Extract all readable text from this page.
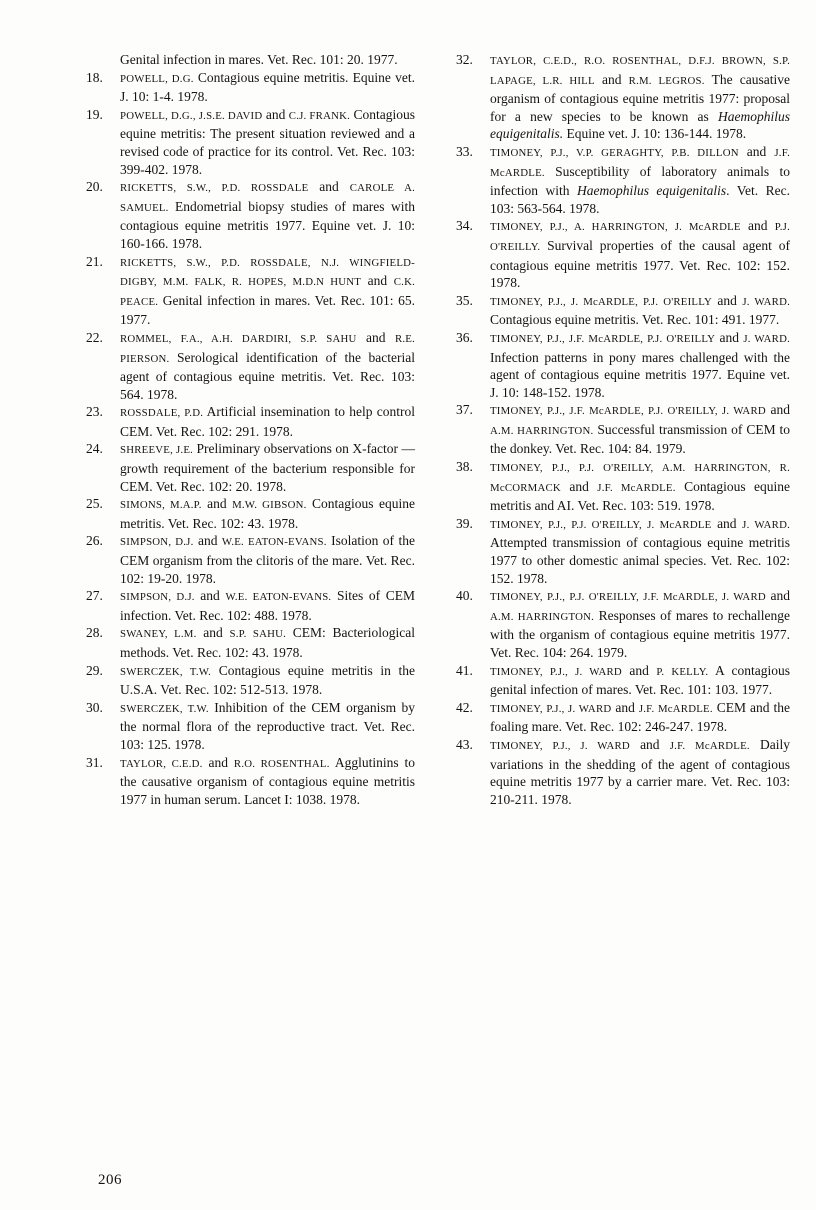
Genital infection in mares. Vet. Rec. 101: 20. 1977.
18. POWELL, D.G. Contagious equine metritis. Equine vet. J. 10: 1-4. 1978.
19. POWELL, D.G., J.S.E. DAVID and C.J. FRANK. Contagious equine metritis: The present situation reviewed and a revised code of practice for its control. Vet. Rec. 103: 399-402. 1978.
20. RICKETTS, S.W., P.D. ROSSDALE and CAROLE A. SAMUEL. Endometrial biopsy studies of mares with contagious equine metritis 1977. Equine vet. J. 10: 160-166. 1978.
21. RICKETTS, S.W., P.D. ROSSDALE, N.J. WINGFIELD-DIGBY, M.M. FALK, R. HOPES, M.D.N HUNT and C.K. PEACE. Genital infection in mares. Vet. Rec. 101: 65. 1977.
22. ROMMEL, F.A., A.H. DARDIRI, S.P. SAHU and R.E. PIERSON. Serological identification of the bacterial agent of contagious equine metritis. Vet. Rec. 103: 564. 1978.
23. ROSSDALE, P.D. Artificial insemination to help control CEM. Vet. Rec. 102: 291. 1978.
24. SHREEVE, J.E. Preliminary observations on X-factor — growth requirement of the bacterium responsible for CEM. Vet. Rec. 102: 20. 1978.
25. SIMONS, M.A.P. and M.W. GIBSON. Contagious equine metritis. Vet. Rec. 102: 43. 1978.
26. SIMPSON, D.J. and W.E. EATON-EVANS. Isolation of the CEM organism from the clitoris of the mare. Vet. Rec. 102: 19-20. 1978.
27. SIMPSON, D.J. and W.E. EATON-EVANS. Sites of CEM infection. Vet. Rec. 102: 488. 1978.
28. SWANEY, L.M. and S.P. SAHU. CEM: Bacteriological methods. Vet. Rec. 102: 43. 1978.
29. SWERCZEK, T.W. Contagious equine metritis in the U.S.A. Vet. Rec. 102: 512-513. 1978.
30. SWERCZEK, T.W. Inhibition of the CEM organism by the normal flora of the reproductive tract. Vet. Rec. 103: 125. 1978.
31. TAYLOR, C.E.D. and R.O. ROSENTHAL. Agglutinins to the causative organism of contagious equine metritis 1977 in human serum. Lancet I: 1038. 1978.
32. TAYLOR, C.E.D., R.O. ROSENTHAL, D.F.J. BROWN, S.P. LAPAGE, L.R. HILL and R.M. LEGROS. The causative organism of contagious equine metritis 1977: proposal for a new species to be known as Haemophilus equigenitalis. Equine vet. J. 10: 136-144. 1978.
33. TIMONEY, P.J., V.P. GERAGHTY, P.B. DILLON and J.F. McARDLE. Susceptibility of laboratory animals to infection with Haemophilus equigenitalis. Vet. Rec. 103: 563-564. 1978.
34. TIMONEY, P.J., A. HARRINGTON, J. McARDLE and P.J. O'REILLY. Survival properties of the causal agent of contagious equine metritis 1977. Vet. Rec. 102: 152. 1978.
35. TIMONEY, P.J., J. McARDLE, P.J. O'REILLY and J. WARD. Contagious equine metritis. Vet. Rec. 101: 491. 1977.
36. TIMONEY, P.J., J.F. McARDLE, P.J. O'REILLY and J. WARD. Infection patterns in pony mares challenged with the agent of contagious equine metritis 1977. Equine vet. J. 10: 148-152. 1978.
37. TIMONEY, P.J., J.F. McARDLE, P.J. O'REILLY, J. WARD and A.M. HARRINGTON. Successful transmission of CEM to the donkey. Vet. Rec. 104: 84. 1979.
38. TIMONEY, P.J., P.J. O'REILLY, A.M. HARRINGTON, R. McCORMACK and J.F. McARDLE. Contagious equine metritis and AI. Vet. Rec. 103: 519. 1978.
39. TIMONEY, P.J., P.J. O'REILLY, J. McARDLE and J. WARD. Attempted transmission of contagious equine metritis 1977 to other domestic animal species. Vet. Rec. 102: 152. 1978.
40. TIMONEY, P.J., P.J. O'REILLY, J.F. McARDLE, J. WARD and A.M. HARRINGTON. Responses of mares to rechallenge with the organism of contagious equine metritis 1977. Vet. Rec. 104: 264. 1979.
41. TIMONEY, P.J., J. WARD and P. KELLY. A contagious genital infection of mares. Vet. Rec. 101: 103. 1977.
42. TIMONEY, P.J., J. WARD and J.F. McARDLE. CEM and the foaling mare. Vet. Rec. 102: 246-247. 1978.
43. TIMONEY, P.J., J. WARD and J.F. McARDLE. Daily variations in the shedding of the agent of contagious equine metritis 1977 by a carrier mare. Vet. Rec. 103: 210-211. 1978.
206
